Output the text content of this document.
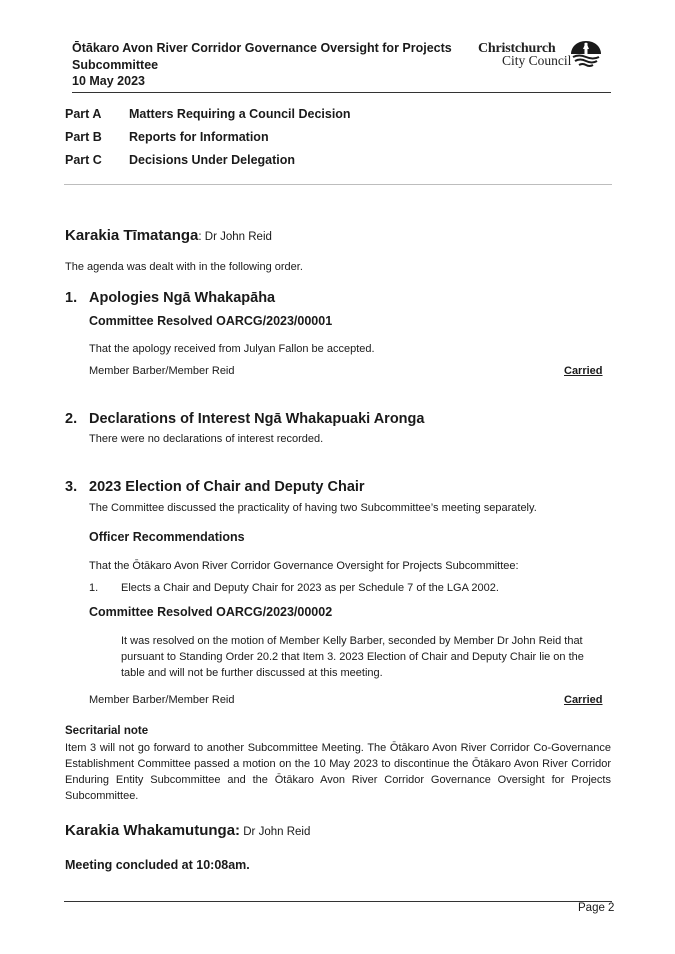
Ōtākaro Avon River Corridor Governance Oversight for Projects
Subcommittee
10 May 2023
Christchurch
City Council
Part A Matters Requiring a Council Decision
Part B Reports for Information
Part C Decisions Under Delegation
Karakia Tīmatanga: Dr John Reid
The agenda was dealt with in the following order.
1. Apologies Ngā Whakapāha
Committee Resolved OARCG/2023/00001
That the apology received from Julyan Fallon be accepted.
Member Barber/Member Reid	Carried
2. Declarations of Interest Ngā Whakapuaki Aronga
There were no declarations of interest recorded.
3. 2023 Election of Chair and Deputy Chair
The Committee discussed the practicality of having two Subcommittee’s meeting separately.
Officer Recommendations
That the Ōtākaro Avon River Corridor Governance Oversight for Projects Subcommittee:
1. Elects a Chair and Deputy Chair for 2023 as per Schedule 7 of the LGA 2002.
Committee Resolved OARCG/2023/00002
It was resolved on the motion of Member Kelly Barber, seconded by Member Dr John Reid that pursuant to Standing Order 20.2 that Item 3. 2023 Election of Chair and Deputy Chair lie on the table and will not be further discussed at this meeting.
Member Barber/Member Reid	Carried
Secritarial note
Item 3 will not go forward to another Subcommittee Meeting. The Ōtākaro Avon River Corridor Co-Governance Establishment Committee passed a motion on the 10 May 2023 to discontinue the Ōtākaro Avon River Corridor Enduring Entity Subcommittee and the Ōtākaro Avon River Corridor Governance Oversight for Projects Subcommittee.
Karakia Whakamutunga: Dr John Reid
Meeting concluded at 10:08am.
Page 2
